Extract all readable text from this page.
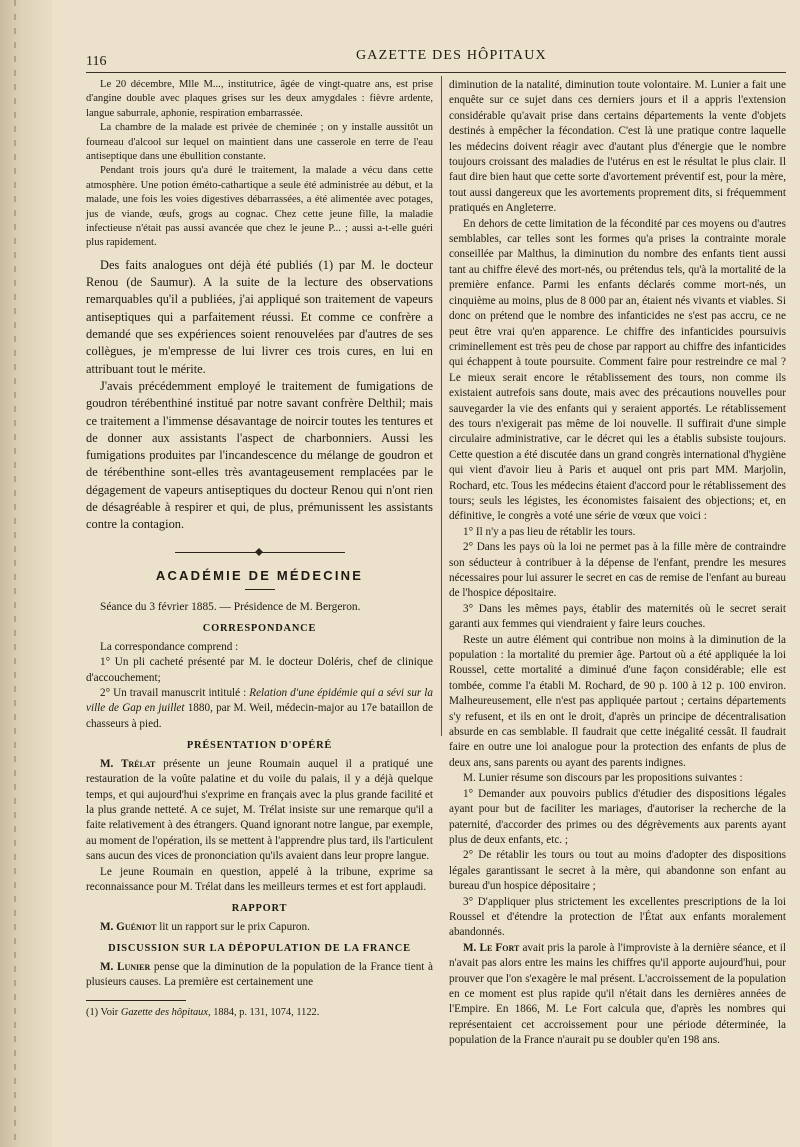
116	GAZETTE DES HÔPITAUX

Le 20 décembre, Mlle M..., institutrice, âgée de vingt-quatre ans, est prise d'angine double avec plaques grises sur les deux amygdales : fièvre ardente, langue saburrale, aphonie, respiration embarrassée.

La chambre de la malade est privée de cheminée ; on y installe aussitôt un fourneau d'alcool sur lequel on maintient dans une casserole en terre de l'eau antiseptique dans une ébullition constante.

Pendant trois jours qu'a duré le traitement, la malade a vécu dans cette atmosphère. Une potion éméto-cathartique a seule été administrée au début, et la malade, une fois les voies digestives débarrassées, a été alimentée avec potages, jus de viande, œufs, grogs au cognac. Chez cette jeune fille, la maladie infectieuse n'était pas aussi avancée que chez le jeune P... ; aussi a-t-elle guéri plus rapidement.

Des faits analogues ont déjà été publiés (1) par M. le docteur Renou (de Saumur). A la suite de la lecture des observations remarquables qu'il a publiées, j'ai appliqué son traitement de vapeurs antiseptiques qui a parfaitement réussi. Et comme ce confrère a demandé que ses expériences soient renouvelées par d'autres de ses collègues, je m'empresse de lui livrer ces trois cures, en lui en attribuant tout le mérite.

J'avais précédemment employé le traitement de fumigations de goudron térébenthiné institué par notre savant confrère Delthil; mais ce traitement a l'immense désavantage de noircir toutes les tentures et de donner aux assistants l'aspect de charbonniers. Aussi les fumigations produites par l'incandescence du mélange de goudron et de térébenthine sont-elles très avantageusement remplacées par le dégagement de vapeurs antiseptiques du docteur Renou qui n'ont rien de désagréable à respirer et qui, de plus, prémunissent les assistants contre la contagion.

ACADÉMIE DE MÉDECINE

Séance du 3 février 1885. — Présidence de M. Bergeron.

CORRESPONDANCE

La correspondance comprend :

1° Un pli cacheté présenté par M. le docteur Doléris, chef de clinique d'accouchement;

2° Un travail manuscrit intitulé : Relation d'une épidémie qui a sévi sur la ville de Gap en juillet 1880, par M. Weil, médecin-major au 17e bataillon de chasseurs à pied.

PRÉSENTATION D'OPÉRÉ

M. Trélat présente un jeune Roumain auquel il a pratiqué une restauration de la voûte palatine et du voile du palais, il y a déjà quelque temps, et qui aujourd'hui s'exprime en français avec la plus grande facilité et la plus grande netteté. A ce sujet, M. Trélat insiste sur une remarque qu'il a faite relativement à des étrangers. Quand ignorant notre langue, par exemple, au moment de l'opération, ils se mettent à l'apprendre plus tard, ils l'articulent sans aucun des vices de prononciation qu'ils avaient dans leur propre langue.

Le jeune Roumain en question, appelé à la tribune, exprime sa reconnaissance pour M. Trélat dans les meilleurs termes et est fort applaudi.

RAPPORT

M. Guéniot lit un rapport sur le prix Capuron.

DISCUSSION SUR LA DÉPOPULATION DE LA FRANCE

M. Lunier pense que la diminution de la population de la France tient à plusieurs causes. La première est certainement une

(1) Voir Gazette des hôpitaux, 1884, p. 131, 1074, 1122.

diminution de la natalité, diminution toute volontaire. M. Lunier a fait une enquête sur ce sujet dans ces derniers jours et il a appris l'extension considérable qu'avait prise dans certains départements la vente d'objets destinés à empêcher la fécondation. C'est là une pratique contre laquelle les médecins doivent réagir avec d'autant plus d'énergie que le nombre toujours croissant des maladies de l'utérus en est le résultat le plus clair. Il faut dire bien haut que cette sorte d'avortement préventif est, pour la mère, tout aussi dangereux que les avortements proprement dits, si fréquemment pratiqués en Angleterre.

En dehors de cette limitation de la fécondité par ces moyens ou d'autres semblables, car telles sont les formes qu'a prises la contrainte morale conseillée par Malthus, la diminution du nombre des enfants tient aussi tant au chiffre élevé des mort-nés, ou prétendus tels, qu'à la mortalité de la première enfance. Parmi les enfants déclarés comme mort-nés, un cinquième au moins, plus de 8 000 par an, étaient nés vivants et viables. Si donc on prétend que le nombre des infanticides ne s'est pas accru, ce ne peut être vrai qu'en apparence. Le chiffre des infanticides poursuivis criminellement est très peu de chose par rapport au chiffre des infanticides qui échappent à toute poursuite. Comment faire pour restreindre ce mal ? Le mieux serait encore le rétablissement des tours, non comme ils existaient autrefois sans doute, mais avec des précautions nouvelles pour sauvegarder la vie des enfants qui y seraient apportés. Le rétablissement des tours n'exigerait pas même de loi nouvelle. Il suffirait d'une simple circulaire administrative, car le décret qui les a établis subsiste toujours. Cette question a été discutée dans un grand congrès international d'hygiène qui vient d'avoir lieu à Paris et auquel ont pris part MM. Marjolin, Rochard, etc. Tous les médecins étaient d'accord pour le rétablissement des tours; seuls les légistes, les économistes faisaient des objections; et, en définitive, le congrès a voté une série de vœux que voici :

1° Il n'y a pas lieu de rétablir les tours.

2° Dans les pays où la loi ne permet pas à la fille mère de contraindre son séducteur à contribuer à la dépense de l'enfant, prendre les mesures nécessaires pour lui assurer le secret en cas de remise de l'enfant au bureau de l'hospice dépositaire.

3° Dans les mêmes pays, établir des maternités où le secret serait garanti aux femmes qui viendraient y faire leurs couches.

Reste un autre élément qui contribue non moins à la diminution de la population : la mortalité du premier âge. Partout où a été appliquée la loi Roussel, cette mortalité a diminué d'une façon considérable; elle est tombée, comme l'a établi M. Rochard, de 90 p. 100 à 12 p. 100 environ. Malheureusement, elle n'est pas appliquée partout ; certains départements s'y refusent, et ils en ont le droit, d'après un principe de décentralisation absurde en cas semblable. Il faudrait que cette inégalité cessât. Il faudrait faire en outre une loi analogue pour la protection des enfants de plus de deux ans, sans parents ou ayant des parents indignes.

M. Lunier résume son discours par les propositions suivantes :

1° Demander aux pouvoirs publics d'étudier des dispositions légales ayant pour but de faciliter les mariages, d'autoriser la recherche de la paternité, d'accorder des primes ou des dégrèvements aux parents ayant plus de deux enfants, etc. ;

2° De rétablir les tours ou tout au moins d'adopter des dispositions légales garantissant le secret à la mère, qui abandonne son enfant au bureau d'un hospice dépositaire ;

3° D'appliquer plus strictement les excellentes prescriptions de la loi Roussel et d'étendre la protection de l'État aux enfants moralement abandonnés.

M. Le Fort avait pris la parole à l'improviste à la dernière séance, et il n'avait pas alors entre les mains les chiffres qu'il apporte aujourd'hui, pour prouver que l'on s'exagère le mal présent. L'accroissement de la population en ce moment est plus rapide qu'il n'était dans les dernières années de l'Empire. En 1866, M. Le Fort calcula que, d'après les nombres qui représentaient cet accroissement pour une période déterminée, la population de la France n'aurait pu se doubler qu'en 198 ans.
